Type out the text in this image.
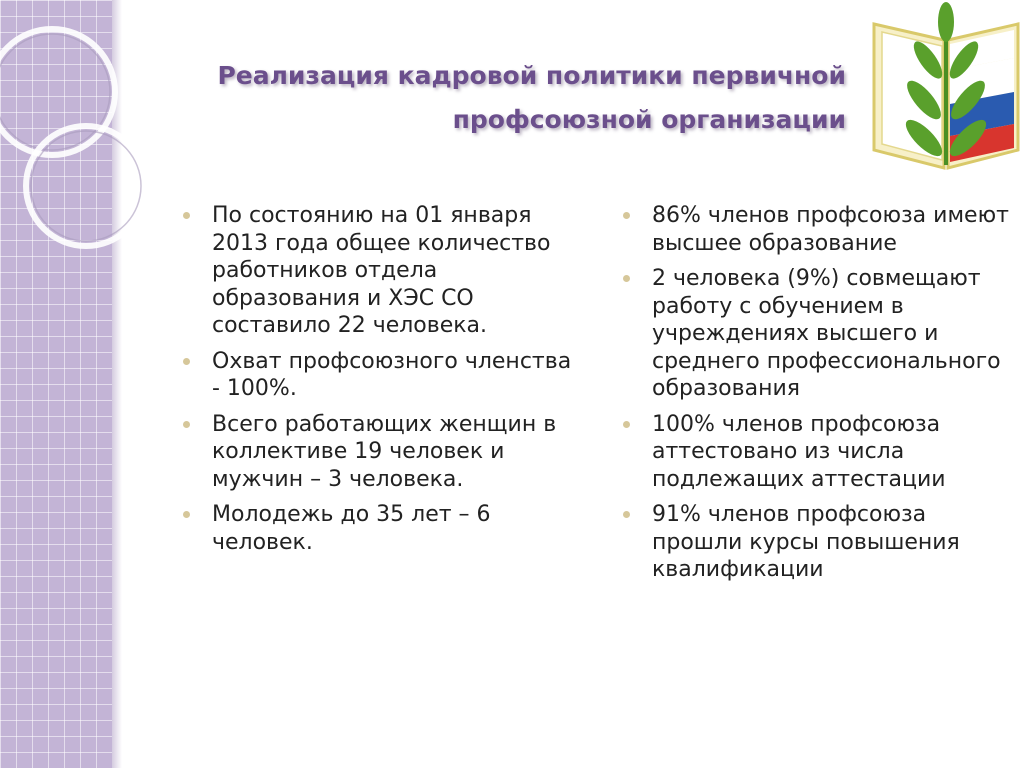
Реализация кадровой политики первичной
профсоюзной организации
По состоянию на 01 января 2013 года общее количество работников отдела образования и ХЭС СО составило 22 человека.
Охват профсоюзного членства - 100%.
Всего работающих женщин в коллективе 19 человек и мужчин – 3 человека.
Молодежь до 35 лет – 6 человек.
86% членов профсоюза имеют высшее образование
2 человека (9%) совмещают работу с обучением в учреждениях высшего и среднего профессионального образования
100% членов профсоюза аттестовано из числа подлежащих аттестации
91% членов профсоюза прошли курсы повышения квалификации
